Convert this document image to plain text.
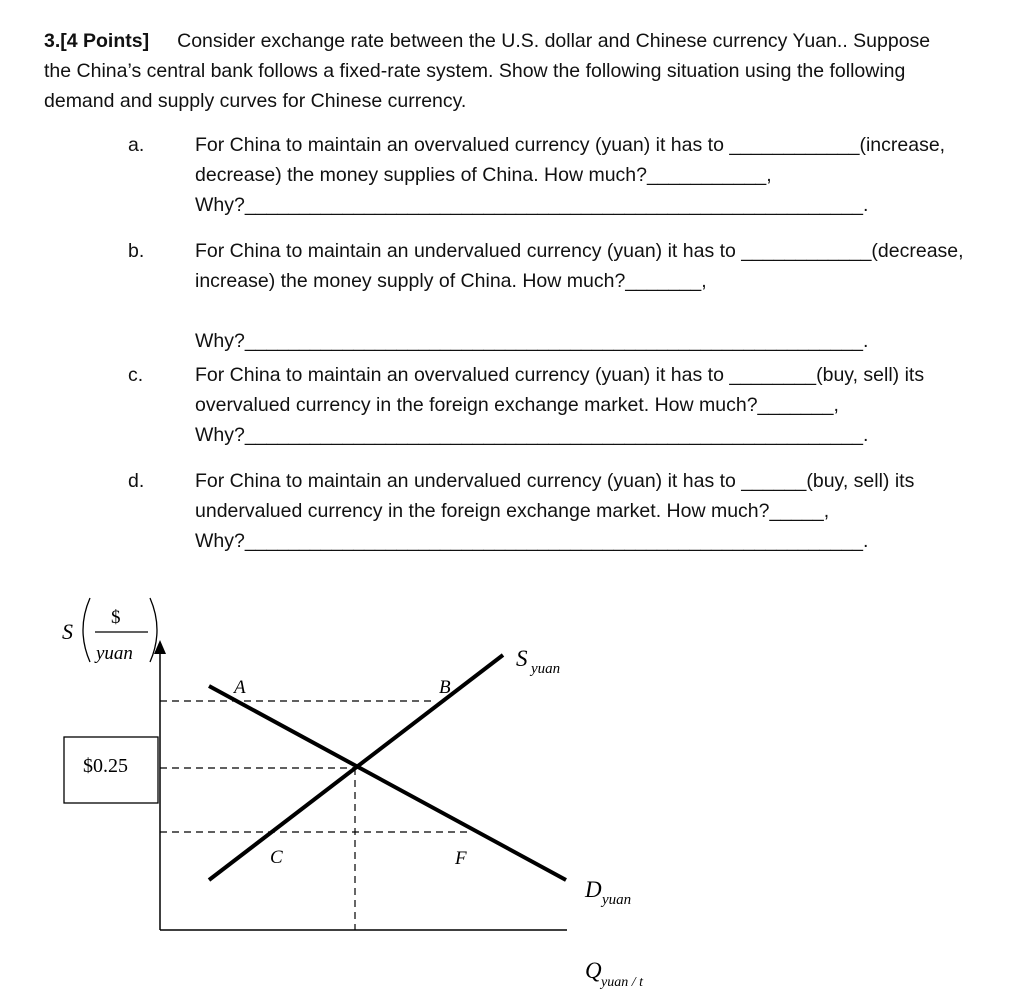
3.[4 Points] Consider exchange rate between the U.S. dollar and Chinese currency Yuan.. Suppose
the China’s central bank follows a fixed-rate system. Show the following situation using the following
demand and supply curves for Chinese currency.
a.	For China to maintain an overvalued currency (yuan) it has to ____________(increase,
decrease) the money supplies of China. How much?___________,
Why?_________________________________________________________.
b.	For China to maintain an undervalued currency (yuan) it has to ____________(decrease,
increase) the money supply of China. How much?_______,
Why?_________________________________________________________.
c.	For China to maintain an overvalued currency (yuan) it has to ________(buy, sell) its
overvalued currency in the foreign exchange market. How much?_______,
Why?_________________________________________________________.
d.	For China to maintain an undervalued currency (yuan) it has to ______(buy, sell) its
undervalued currency in the foreign exchange market. How much?_____,
Why?_________________________________________________________.
S
$
yuan
$0.25
A	B
C	F
S yuan
D yuan
Q yuan / t
